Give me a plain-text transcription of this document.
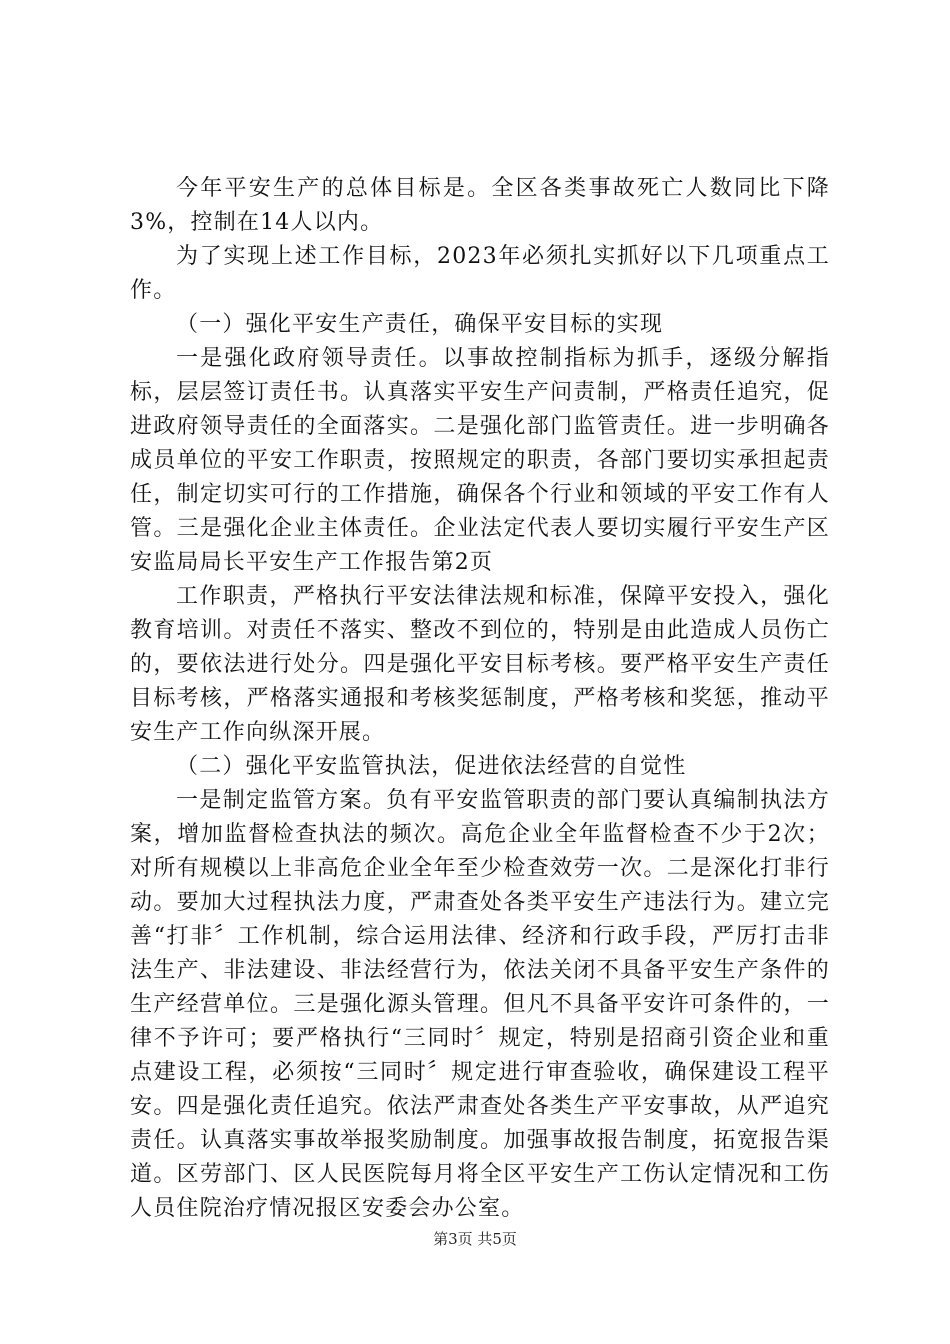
今年平安生产的总体目标是。全区各类事故死亡人数同比下降3%，控制在14人以内。

为了实现上述工作目标，2023年必须扎实抓好以下几项重点工作。

（一）强化平安生产责任，确保平安目标的实现

一是强化政府领导责任。以事故控制指标为抓手，逐级分解指标，层层签订责任书。认真落实平安生产问责制，严格责任追究，促进政府领导责任的全面落实。二是强化部门监管责任。进一步明确各成员单位的平安工作职责，按照规定的职责，各部门要切实承担起责任，制定切实可行的工作措施，确保各个行业和领域的平安工作有人管。三是强化企业主体责任。企业法定代表人要切实履行平安生产区安监局局长平安生产工作报告第2页

工作职责，严格执行平安法律法规和标准，保障平安投入，强化教育培训。对责任不落实、整改不到位的，特别是由此造成人员伤亡的，要依法进行处分。四是强化平安目标考核。要严格平安生产责任目标考核，严格落实通报和考核奖惩制度，严格考核和奖惩，推动平安生产工作向纵深开展。

（二）强化平安监管执法，促进依法经营的自觉性

一是制定监管方案。负有平安监管职责的部门要认真编制执法方案，增加监督检查执法的频次。高危企业全年监督检查不少于2次；对所有规模以上非高危企业全年至少检查效劳一次。二是深化打非行动。要加大过程执法力度，严肃查处各类平安生产违法行为。建立完善“打非〞工作机制，综合运用法律、经济和行政手段，严厉打击非法生产、非法建设、非法经营行为，依法关闭不具备平安生产条件的生产经营单位。三是强化源头管理。但凡不具备平安许可条件的，一律不予许可；要严格执行“三同时〞规定，特别是招商引资企业和重点建设工程，必须按“三同时〞规定进行审查验收，确保建设工程平安。四是强化责任追究。依法严肃查处各类生产平安事故，从严追究责任。认真落实事故举报奖励制度。加强事故报告制度，拓宽报告渠道。区劳部门、区人民医院每月将全区平安生产工伤认定情况和工伤人员住院治疗情况报区安委会办公室。

第3页 共5页
